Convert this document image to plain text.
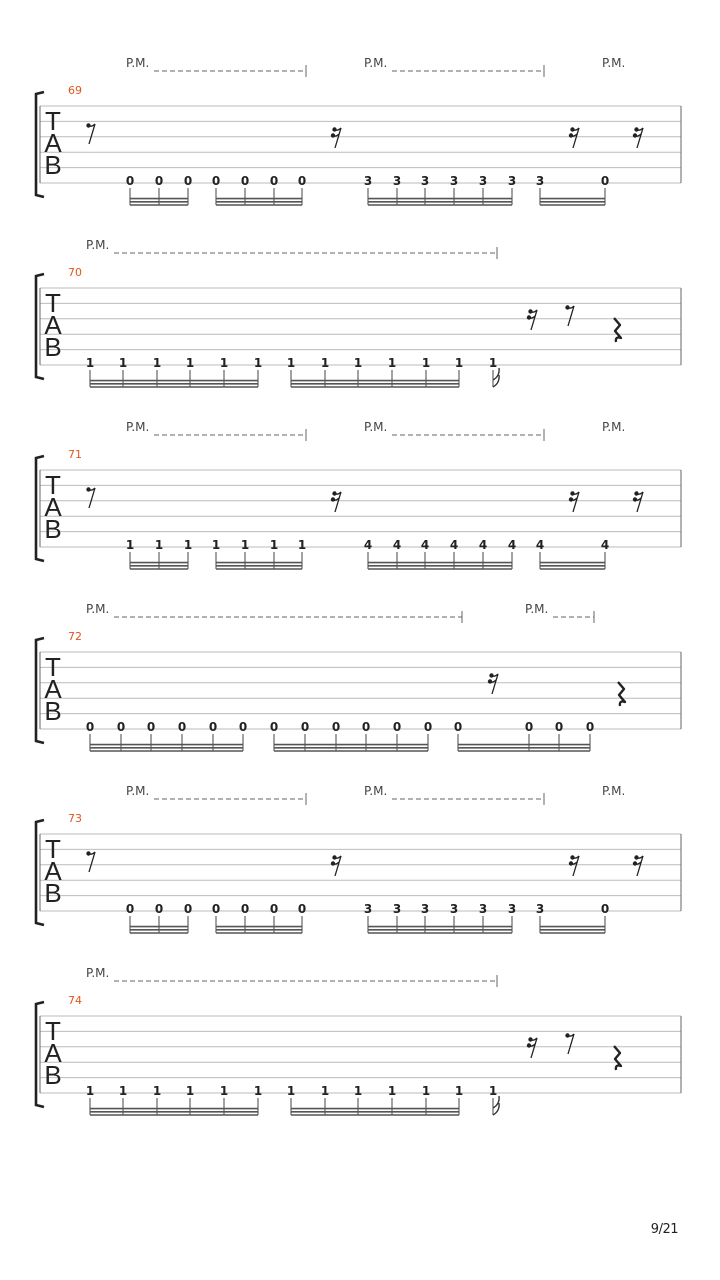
P.M.	P.M.	P.M.
69
T
A
B
0 0 0 0 0 0 0	3 3 3 3 3 3 3	0
P.M.
70
T
A
B
1 1 1 1 1 1 1 1 1 1 1 1 1
P.M.	P.M.	P.M.
71
T
A
B
1 1 1 1 1 1 1	4 4 4 4 4 4 4	4
P.M.	P.M.
72
T
A
B
0 0 0 0 0 0 0 0 0 0 0 0 0	0 0 0
P.M.	P.M.	P.M.
73
T
A
B
0 0 0 0 0 0 0	3 3 3 3 3 3 3	0
P.M.
74
T
A
B
1 1 1 1 1 1 1 1 1 1 1 1 1
9/21
